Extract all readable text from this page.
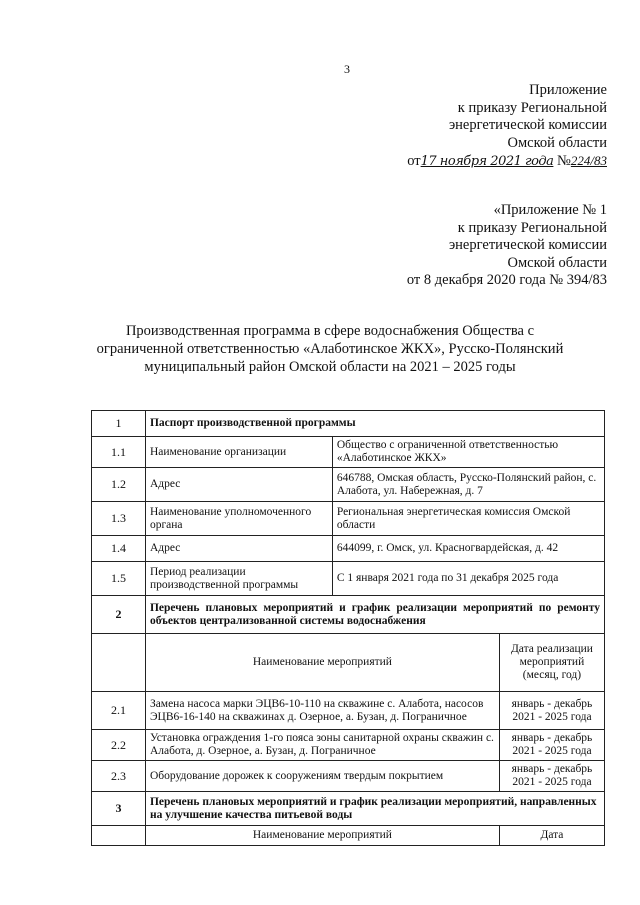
3
Приложение
к приказу Региональной
энергетической комиссии
Омской области
от17 ноября 2021 года №224/83
«Приложение № 1
к приказу Региональной
энергетической комиссии
Омской области
от 8 декабря 2020 года № 394/83
Производственная программа в сфере водоснабжения Общества с
ограниченной ответственностью «Алаботинское ЖКХ», Русско-Полянский
муниципальный район Омской области на 2021 – 2025 годы
1	Паспорт производственной программы		
1.1	Наименование организации	Общество с ограниченной ответственностью «Алаботинское ЖКХ»	
1.2	Адрес	646788, Омская область, Русско-Полянский район, с. Алабота, ул. Набережная, д. 7	
1.3	Наименование уполномоченного органа	Региональная энергетическая комиссия Омской области	
1.4	Адрес	644099, г. Омск, ул. Красногвардейская, д. 42	
1.5	Период реализации производственной программы	С 1 января 2021 года по 31 декабря 2025 года	
2	Перечень плановых мероприятий и график реализации мероприятий по ремонту объектов централизованной системы водоснабжения		
	Наименование мероприятий		Дата реализации мероприятий (месяц, год)
2.1	Замена насоса марки ЭЦВ6-10-110 на скважине с. Алабота, насосов ЭЦВ6-16-140 на скважинах д. Озерное, а. Бузан, д. Пограничное		январь - декабрь 2021 - 2025 года
2.2	Установка ограждения 1-го пояса зоны санитарной охраны скважин с. Алабота, д. Озерное, а. Бузан, д. Пограничное		январь - декабрь 2021 - 2025 года
2.3	Оборудование дорожек к сооружениям твердым покрытием		январь - декабрь 2021 - 2025 года
3	Перечень плановых мероприятий и график реализации мероприятий, направленных на улучшение качества питьевой воды		
	Наименование мероприятий		Дата
